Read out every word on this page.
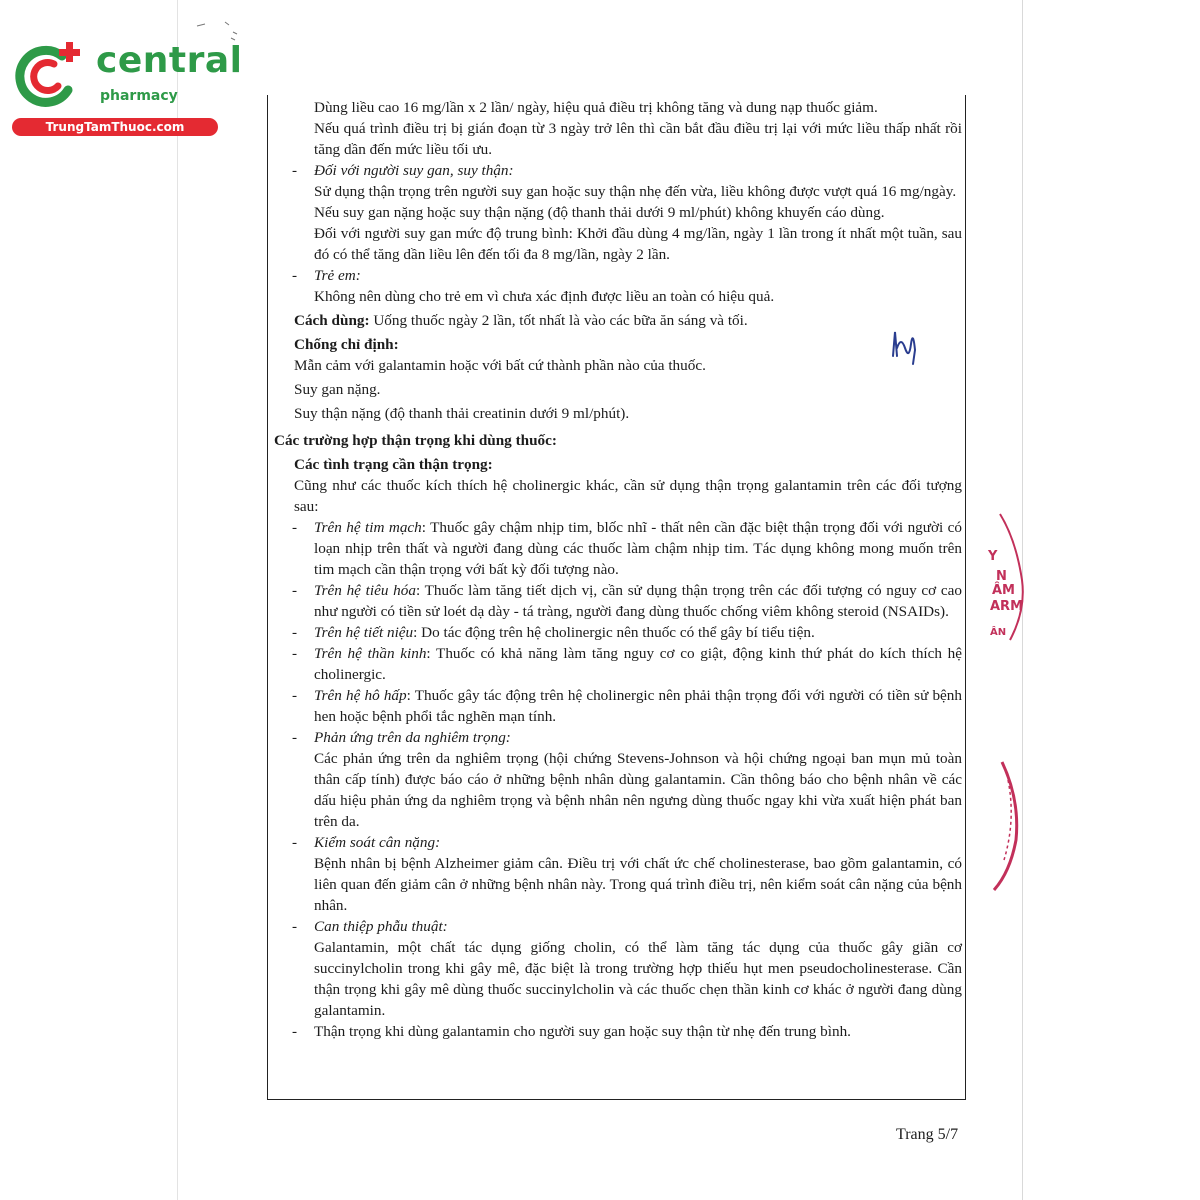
central
pharmacy
TrungTamThuoc.com

Dùng liều cao 16 mg/lần x 2 lần/ ngày, hiệu quả điều trị không tăng và dung nạp thuốc giảm.

Nếu quá trình điều trị bị gián đoạn từ 3 ngày trở lên thì cần bắt đầu điều trị lại với mức liều thấp nhất rồi tăng dần đến mức liều tối ưu.

- Đối với người suy gan, suy thận:

Sử dụng thận trọng trên người suy gan hoặc suy thận nhẹ đến vừa, liều không được vượt quá 16 mg/ngày.

Nếu suy gan nặng hoặc suy thận nặng (độ thanh thải dưới 9 ml/phút) không khuyến cáo dùng.

Đối với người suy gan mức độ trung bình: Khởi đầu dùng 4 mg/lần, ngày 1 lần trong ít nhất một tuần, sau đó có thể tăng dần liều lên đến tối đa 8 mg/lần, ngày 2 lần.

- Trẻ em:

Không nên dùng cho trẻ em vì chưa xác định được liều an toàn có hiệu quả.

Cách dùng: Uống thuốc ngày 2 lần, tốt nhất là vào các bữa ăn sáng và tối.

Chống chỉ định:

Mẫn cảm với galantamin hoặc với bất cứ thành phần nào của thuốc.

Suy gan nặng.

Suy thận nặng (độ thanh thải creatinin dưới 9 ml/phút).

Các trường hợp thận trọng khi dùng thuốc:

Các tình trạng cần thận trọng:

Cũng như các thuốc kích thích hệ cholinergic khác, cần sử dụng thận trọng galantamin trên các đối tượng sau:

- Trên hệ tim mạch: Thuốc gây chậm nhịp tim, blốc nhĩ - thất nên cần đặc biệt thận trọng đối với người có loạn nhịp trên thất và người đang dùng các thuốc làm chậm nhịp tim. Tác dụng không mong muốn trên tim mạch cần thận trọng với bất kỳ đối tượng nào.

- Trên hệ tiêu hóa: Thuốc làm tăng tiết dịch vị, cần sử dụng thận trọng trên các đối tượng có nguy cơ cao như người có tiền sử loét dạ dày - tá tràng, người đang dùng thuốc chống viêm không steroid (NSAIDs).

- Trên hệ tiết niệu: Do tác động trên hệ cholinergic nên thuốc có thể gây bí tiểu tiện.

- Trên hệ thần kinh: Thuốc có khả năng làm tăng nguy cơ co giật, động kinh thứ phát do kích thích hệ cholinergic.

- Trên hệ hô hấp: Thuốc gây tác động trên hệ cholinergic nên phải thận trọng đối với người có tiền sử bệnh hen hoặc bệnh phổi tắc nghẽn mạn tính.

- Phản ứng trên da nghiêm trọng:

Các phản ứng trên da nghiêm trọng (hội chứng Stevens-Johnson và hội chứng ngoại ban mụn mủ toàn thân cấp tính) được báo cáo ở những bệnh nhân dùng galantamin. Cần thông báo cho bệnh nhân về các dấu hiệu phản ứng da nghiêm trọng và bệnh nhân nên ngưng dùng thuốc ngay khi vừa xuất hiện phát ban trên da.

- Kiểm soát cân nặng:

Bệnh nhân bị bệnh Alzheimer giảm cân. Điều trị với chất ức chế cholinesterase, bao gồm galantamin, có liên quan đến giảm cân ở những bệnh nhân này. Trong quá trình điều trị, nên kiểm soát cân nặng của bệnh nhân.

- Can thiệp phẫu thuật:

Galantamin, một chất tác dụng giống cholin, có thể làm tăng tác dụng của thuốc gây giãn cơ succinylcholin trong khi gây mê, đặc biệt là trong trường hợp thiếu hụt men pseudocholinesterase. Cần thận trọng khi gây mê dùng thuốc succinylcholin và các thuốc chẹn thần kinh cơ khác ở người đang dùng galantamin.

- Thận trọng khi dùng galantamin cho người suy gan hoặc suy thận từ nhẹ đến trung bình.

Y
N
ÂM
ARM
ÂN
Trang 5/7
